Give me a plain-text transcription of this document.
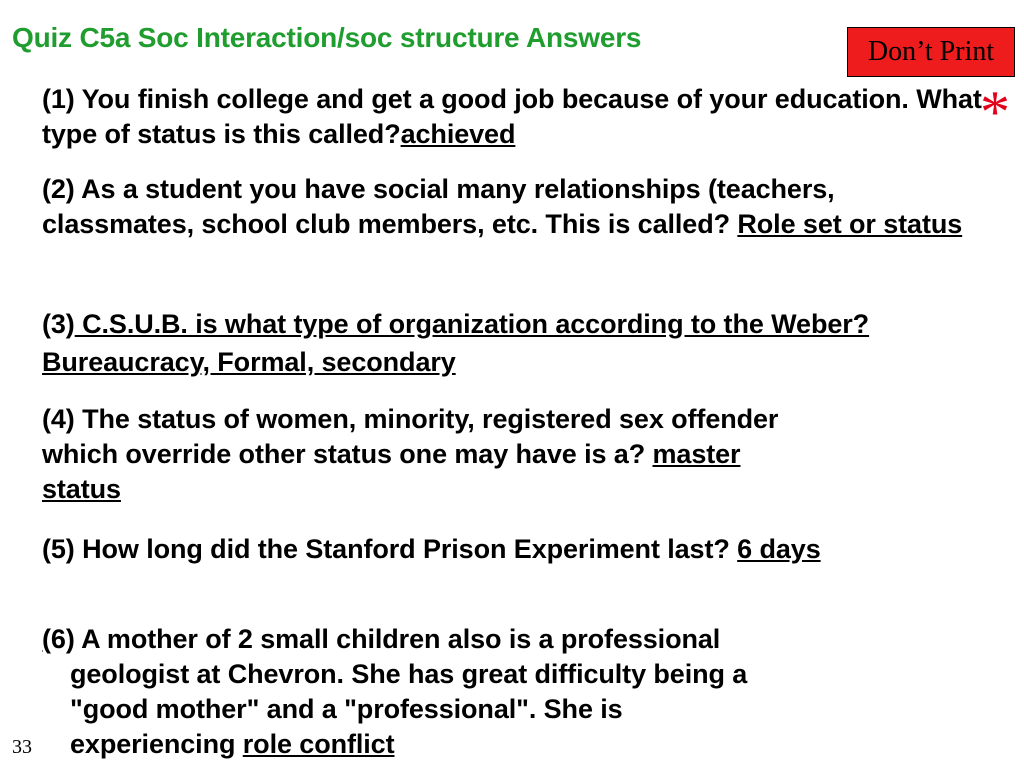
Quiz C5a Soc Interaction/soc structure Answers	Don’t Print
*
(1) You finish college and get a good job because of your education. What type of status is this called?achieved
(2) As a student you have social many relationships (teachers, classmates, school club members, etc. This is called? Role set or status
(3) C.S.U.B. is what type of organization according to the Weber? Bureaucracy, Formal, secondary
(4) The status of women, minority, registered sex offender
which override other status one may have is a? master
status
(5) How long did the Stanford Prison Experiment last? 6 days
(6) A mother of 2 small children also is a professional
geologist at Chevron. She has great difficulty being a
"good mother" and a "professional". She is
experiencing role conflict
33
